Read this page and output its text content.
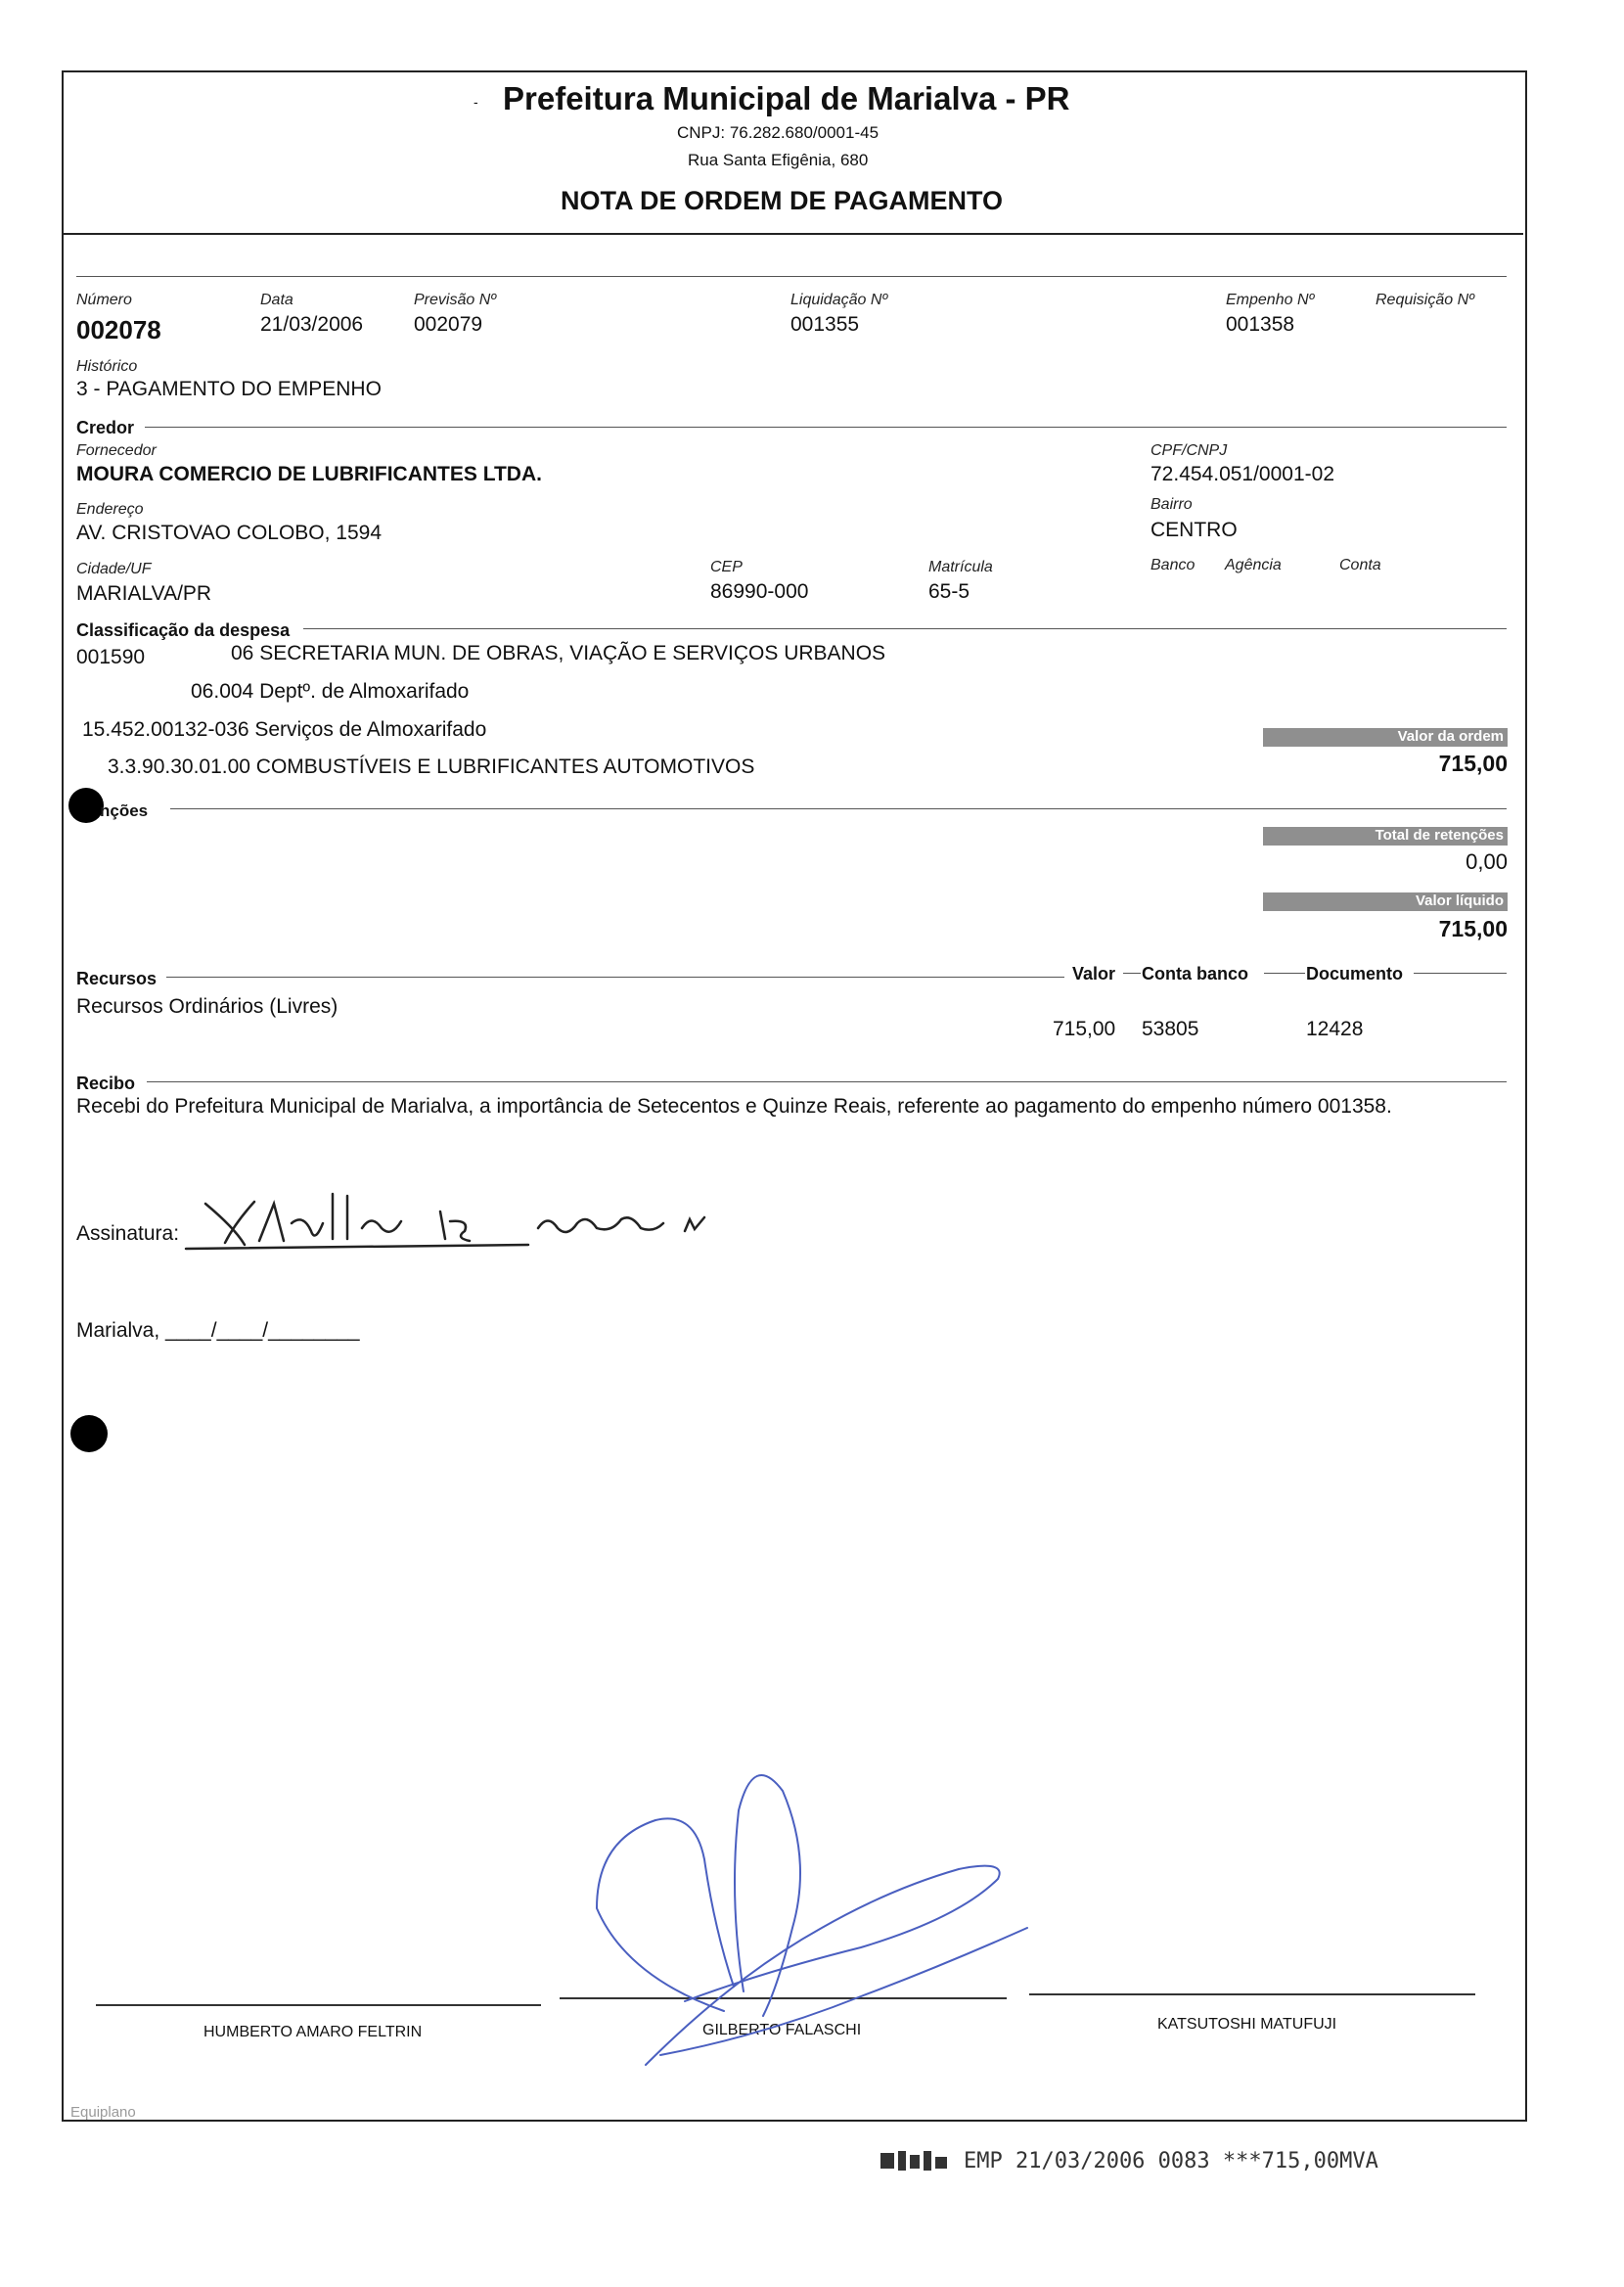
- Prefeitura Municipal de Marialva - PR
CNPJ: 76.282.680/0001-45
Rua Santa Efigênia, 680
NOTA DE ORDEM DE PAGAMENTO
Número
002078
Data
21/03/2006
Previsão Nº
002079
Liquidação Nº
001355
Empenho Nº
001358
Requisição Nº
Histórico
3 - PAGAMENTO DO EMPENHO
Credor
Fornecedor
MOURA COMERCIO DE LUBRIFICANTES LTDA.
CPF/CNPJ
72.454.051/0001-02
Endereço
AV. CRISTOVAO COLOBO, 1594
Bairro
CENTRO
Cidade/UF
MARIALVA/PR
CEP
86990-000
Matrícula
65-5
Banco Agência	Conta
Classificação da despesa
001590	06 SECRETARIA MUN. DE OBRAS, VIAÇÃO E SERVIÇOS URBANOS
06.004 Deptº. de Almoxarifado
15.452.00132-036 Serviços de Almoxarifado
3.3.90.30.01.00 COMBUSTÍVEIS E LUBRIFICANTES AUTOMOTIVOS
Valor da ordem
715,00
nções
Total de retenções
0,00
Valor líquido
715,00
Recursos	Valor Conta banco	Documento
Recursos Ordinários (Livres)
715,00 53805	12428
Recibo
Recebi do Prefeitura Municipal de Marialva, a importância de Setecentos e Quinze Reais, referente ao pagamento do empenho número 001358.
Assinatura:
Marialva, ____/____/________
HUMBERTO AMARO FELTRIN	GILBERTO FALASCHI	KATSUTOSHI MATUFUJI
Equiplano
EMP 21/03/2006 0083 ***715,00MVA
